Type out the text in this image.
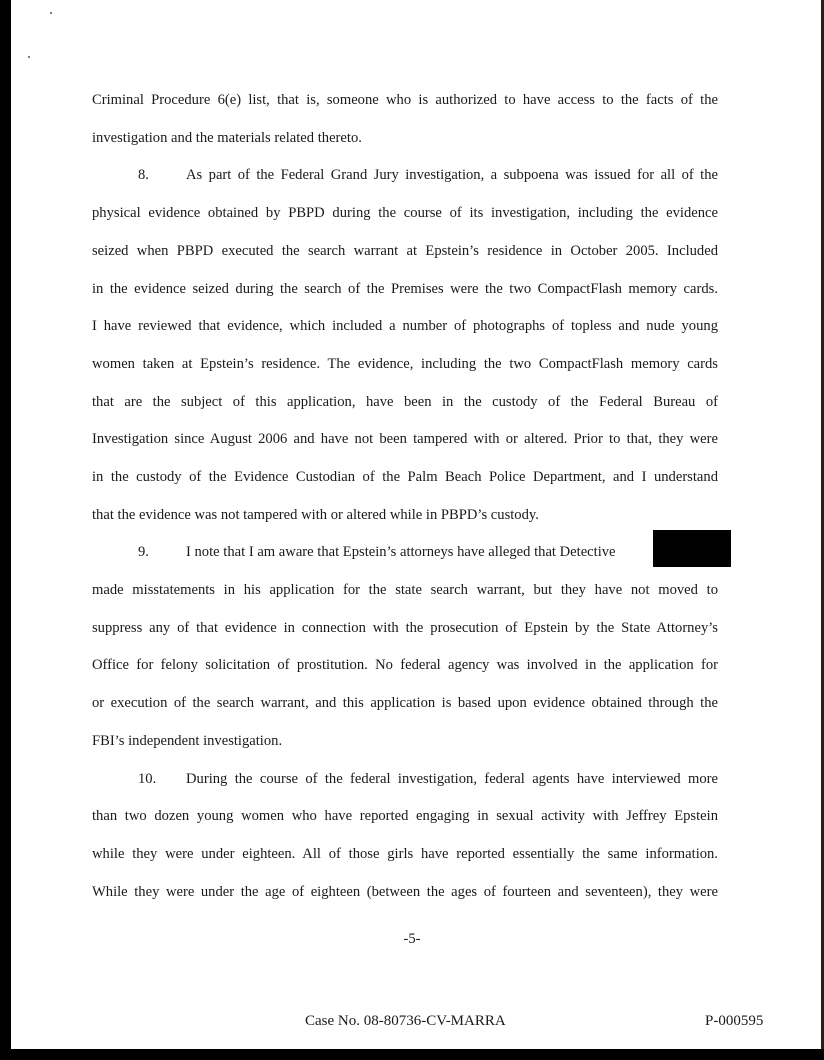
Criminal Procedure 6(e) list, that is, someone who is authorized to have access to the facts of the
investigation and the materials related thereto.
8.	As part of the Federal Grand Jury investigation, a subpoena was issued for all of the
physical evidence obtained by PBPD during the course of its investigation, including the evidence
seized when PBPD executed the search warrant at Epstein’s residence in October 2005. Included
in the evidence seized during the search of the Premises were the two CompactFlash memory cards.
I have reviewed that evidence, which included a number of photographs of topless and nude young
women taken at Epstein’s residence. The evidence, including the two CompactFlash memory cards
that are the subject of this application, have been in the custody of the Federal Bureau of
Investigation since August 2006 and have not been tampered with or altered. Prior to that, they were
in the custody of the Evidence Custodian of the Palm Beach Police Department, and I understand
that the evidence was not tampered with or altered while in PBPD’s custody.
9.	I note that I am aware that Epstein’s attorneys have alleged that Detective
made misstatements in his application for the state search warrant, but they have not moved to
suppress any of that evidence in connection with the prosecution of Epstein by the State Attorney’s
Office for felony solicitation of prostitution. No federal agency was involved in the application for
or execution of the search warrant, and this application is based upon evidence obtained through the
FBI’s independent investigation.
10. During the course of the federal investigation, federal agents have interviewed more
than two dozen young women who have reported engaging in sexual activity with Jeffrey Epstein
while they were under eighteen. All of those girls have reported essentially the same information.
While they were under the age of eighteen (between the ages of fourteen and seventeen), they were
-5-
Case No. 08-80736-CV-MARRA	P-000595
